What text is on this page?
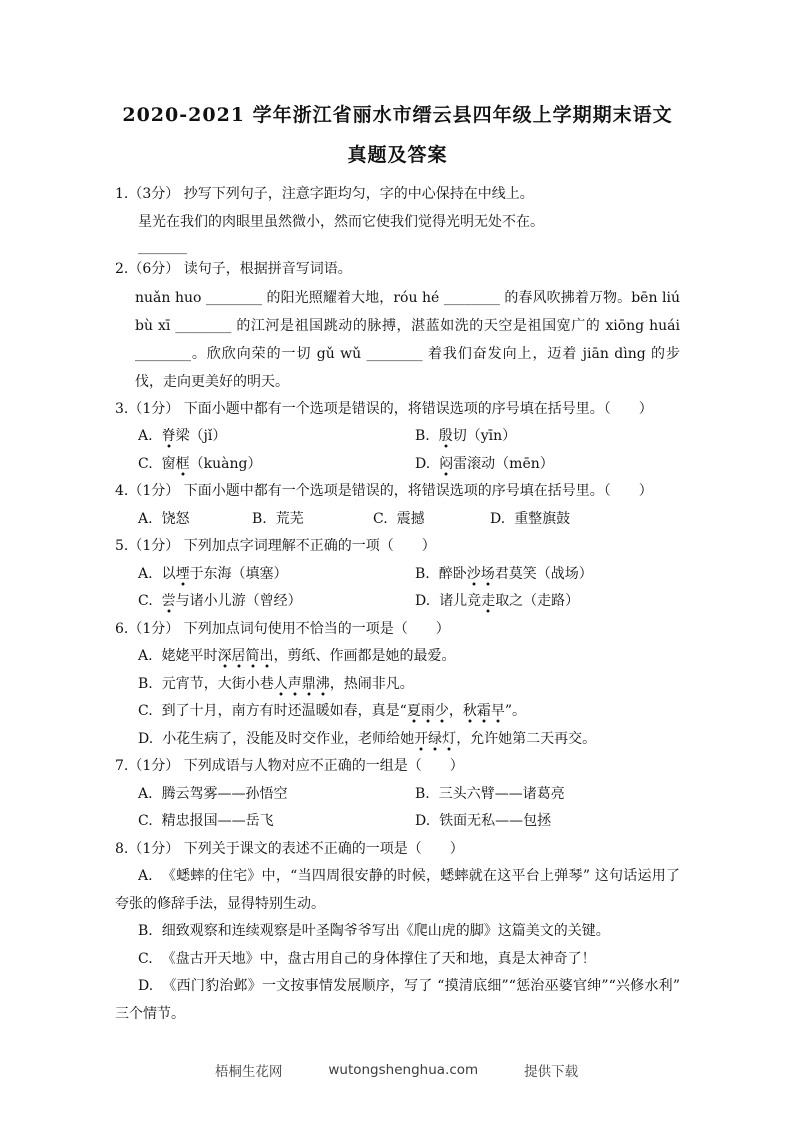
2020-2021 学年浙江省丽水市缙云县四年级上学期期末语文
真题及答案

1.（3分） 抄写下列句子，注意字距均匀，字的中心保持在中线上。

星光在我们的肉眼里虽然微小，然而它使我们觉得光明无处不在。

_______

2.（6分） 读句子，根据拼音写词语。

nuǎn huo ________ 的阳光照耀着大地，róu hé ________ 的春风吹拂着万物。bēn liú bù xī ________ 的江河是祖国跳动的脉搏，湛蓝如洗的天空是祖国宽广的 xiōng huái ________。欣欣向荣的一切 gǔ wǔ ________ 着我们奋发向上，迈着 jiān dìng 的步伐，走向更美好的明天。

3.（1分） 下面小题中都有一个选项是错误的，将错误选项的序号填在括号里。（　　）

A. 脊梁（jǐ）	B. 殷切（yīn）

C. 窗框（kuàng）	D. 闷雷滚动（mēn）

4.（1分） 下面小题中都有一个选项是错误的，将错误选项的序号填在括号里。（　　）

A. 饶怒	B. 荒芜	C. 震撼	D. 重整旗鼓

5.（1分） 下列加点字词理解不正确的一项（　　）

A. 以堙于东海（填塞）	B. 醉卧沙场君莫笑（战场）

C. 尝与诸小儿游（曾经）	D. 诸儿竞走取之（走路）

6.（1分） 下列加点词句使用不恰当的一项是（　　）

A. 姥姥平时深居简出，剪纸、作画都是她的最爱。

B. 元宵节，大街小巷人声鼎沸，热闹非凡。

C. 到了十月，南方有时还温暖如春，真是“夏雨少，秋霜早”。

D. 小花生病了，没能及时交作业，老师给她开绿灯，允许她第二天再交。

7.（1分） 下列成语与人物对应不正确的一组是（　　）

A. 腾云驾雾——孙悟空	B. 三头六臂——诸葛亮

C. 精忠报国——岳飞	D. 铁面无私——包拯

8.（1分） 下列关于课文的表述不正确的一项是（　　）

A. 《蟋蟀的住宅》中，“当四周很安静的时候，蟋蟀就在这平台上弹琴” 这句话运用了夸张的修辞手法，显得特别生动。

B. 细致观察和连续观察是叶圣陶爷爷写出《爬山虎的脚》这篇美文的关键。

C. 《盘古开天地》中，盘古用自己的身体撑住了天和地，真是太神奇了！

D. 《西门豹治邺》一文按事情发展顺序，写了 “摸清底细”“惩治巫婆官绅”“兴修水利” 三个情节。

梧桐生花网	wutongshenghua.com	提供下载
